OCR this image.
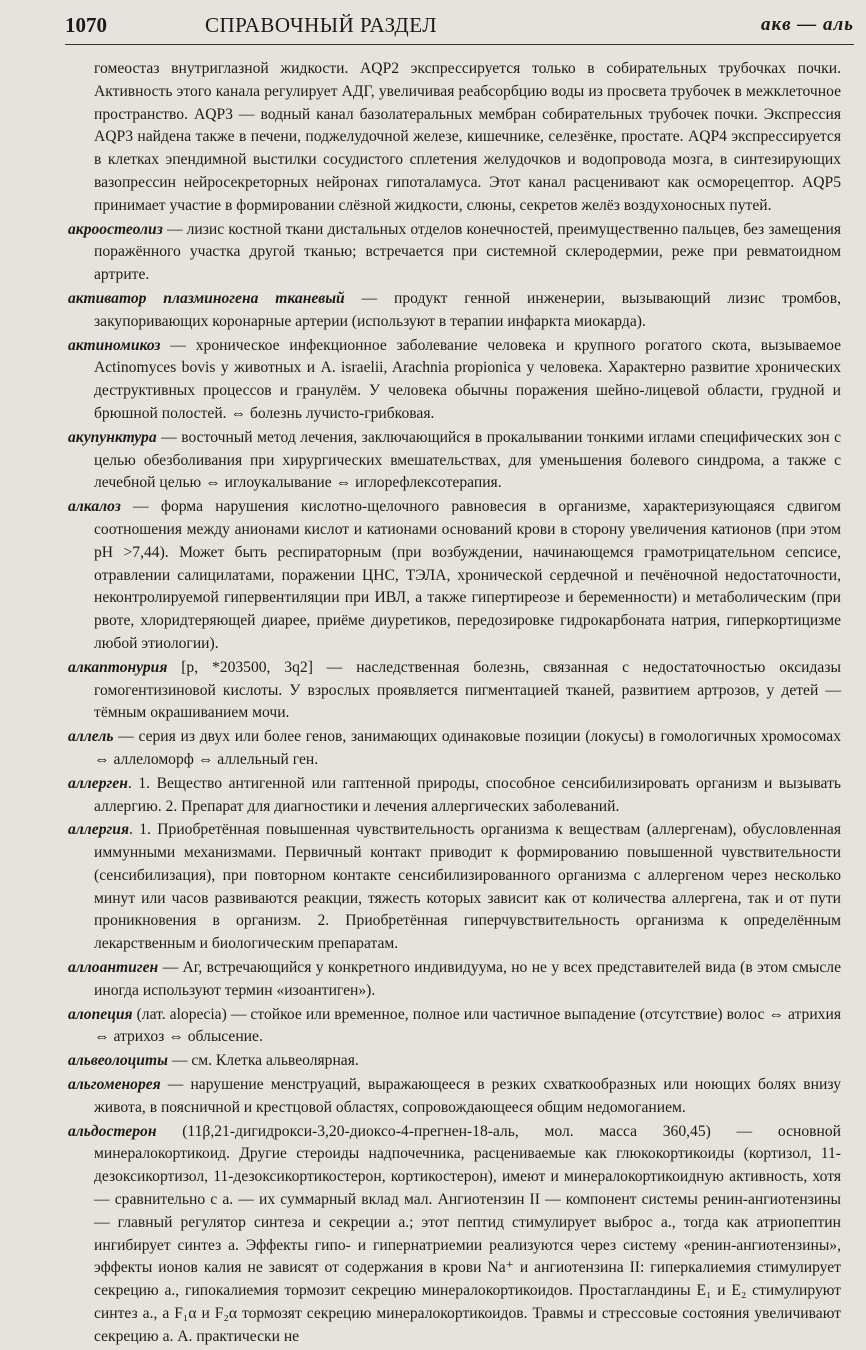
1070	СПРАВОЧНЫЙ РАЗДЕЛ	акв — аль

гомеостаз внутриглазной жидкости. AQP2 экспрессируется только в собирательных трубочках почки. Активность этого канала регулирует АДГ, увеличивая реабсорбцию воды из просвета трубочек в межклеточное пространство. AQP3 — водный канал базолатеральных мембран собирательных трубочек почки. Экспрессия AQP3 найдена также в печени, поджелудочной железе, кишечнике, селезёнке, простате. AQP4 экспрессируется в клетках эпендимной выстилки сосудистого сплетения желудочков и водопровода мозга, в синтезирующих вазопрессин нейросекреторных нейронах гипоталамуса. Этот канал расценивают как осморецептор. AQP5 принимает участие в формировании слёзной жидкости, слюны, секретов желёз воздухоносных путей.

акроостеолиз — лизис костной ткани дистальных отделов конечностей, преимущественно пальцев, без замещения поражённого участка другой тканью; встречается при системной склеродермии, реже при ревматоидном артрите.

активатор плазминогена тканевый — продукт генной инженерии, вызывающий лизис тромбов, закупоривающих коронарные артерии (используют в терапии инфаркта миокарда).

актиномикоз — хроническое инфекционное заболевание человека и крупного рогатого скота, вызываемое Actinomyces bovis у животных и A. israelii, Arachnia propionica у человека. Характерно развитие хронических деструктивных процессов и гранулём. У человека обычны поражения шейно-лицевой области, грудной и брюшной полостей. ⇔ болезнь лучисто-грибковая.

акупунктура — восточный метод лечения, заключающийся в прокалывании тонкими иглами специфических зон с целью обезболивания при хирургических вмешательствах, для уменьшения болевого синдрома, а также с лечебной целью ⇔ иглоукалывание ⇔ иглорефлексотерапия.

алкалоз — форма нарушения кислотно-щелочного равновесия в организме, характеризующаяся сдвигом соотношения между анионами кислот и катионами оснований крови в сторону увеличения катионов (при этом pH >7,44). Может быть респираторным (при возбуждении, начинающемся грамотрицательном сепсисе, отравлении салицилатами, поражении ЦНС, ТЭЛА, хронической сердечной и печёночной недостаточности, неконтролируемой гипервентиляции при ИВЛ, а также гипертиреозе и беременности) и метаболическим (при рвоте, хлоридтеряющей диарее, приёме диуретиков, передозировке гидрокарбоната натрия, гиперкортицизме любой этиологии).

алкаптонурия [р, *203500, 3q2] — наследственная болезнь, связанная с недостаточностью оксидазы гомогентизиновой кислоты. У взрослых проявляется пигментацией тканей, развитием артрозов, у детей — тёмным окрашиванием мочи.

аллель — серия из двух или более генов, занимающих одинаковые позиции (локусы) в гомологичных хромосомах ⇔ аллеломорф ⇔ аллельный ген.

аллерген. 1. Вещество антигенной или гаптенной природы, способное сенсибилизировать организм и вызывать аллергию. 2. Препарат для диагностики и лечения аллергических заболеваний.

аллергия. 1. Приобретённая повышенная чувствительность организма к веществам (аллергенам), обусловленная иммунными механизмами. Первичный контакт приводит к формированию повышенной чувствительности (сенсибилизация), при повторном контакте сенсибилизированного организма с аллергеном через несколько минут или часов развиваются реакции, тяжесть которых зависит как от количества аллергена, так и от пути проникновения в организм. 2. Приобретённая гиперчувствительность организма к определённым лекарственным и биологическим препаратам.

аллоантиген — Аг, встречающийся у конкретного индивидуума, но не у всех представителей вида (в этом смысле иногда используют термин «изоантиген»).

алопеция (лат. alopecia) — стойкое или временное, полное или частичное выпадение (отсутствие) волос ⇔ атрихия ⇔ атрихоз ⇔ облысение.

альвеолоциты — см. Клетка альвеолярная.

альгоменорея — нарушение менструаций, выражающееся в резких схваткообразных или ноющих болях внизу живота, в поясничной и крестцовой областях, сопровождающееся общим недомоганием.

альдостерон (11β,21-дигидрокси-3,20-диоксо-4-прегнен-18-аль, мол. масса 360,45) — основной минералокортикоид. Другие стероиды надпочечника, расцениваемые как глюкокортикоиды (кортизол, 11-дезоксикортизол, 11-дезоксикортикостерон, кортикостерон), имеют и минералокортикоидную активность, хотя — сравнительно с а. — их суммарный вклад мал. Ангиотензин II — компонент системы ренин-ангиотензины — главный регулятор синтеза и секреции а.; этот пептид стимулирует выброс а., тогда как атриопептин ингибирует синтез а. Эффекты гипо- и гипернатриемии реализуются через систему «ренин-ангиотензины», эффекты ионов калия не зависят от содержания в крови Na⁺ и ангиотензина II: гиперкалиемия стимулирует секрецию а., гипокалиемия тормозит секрецию минералокортикоидов. Простагландины E₁ и E₂ стимулируют синтез а., а F₁α и F₂α тормозят секрецию минералокортикоидов. Травмы и стрессовые состояния увеличивают секрецию а. А. практически не
